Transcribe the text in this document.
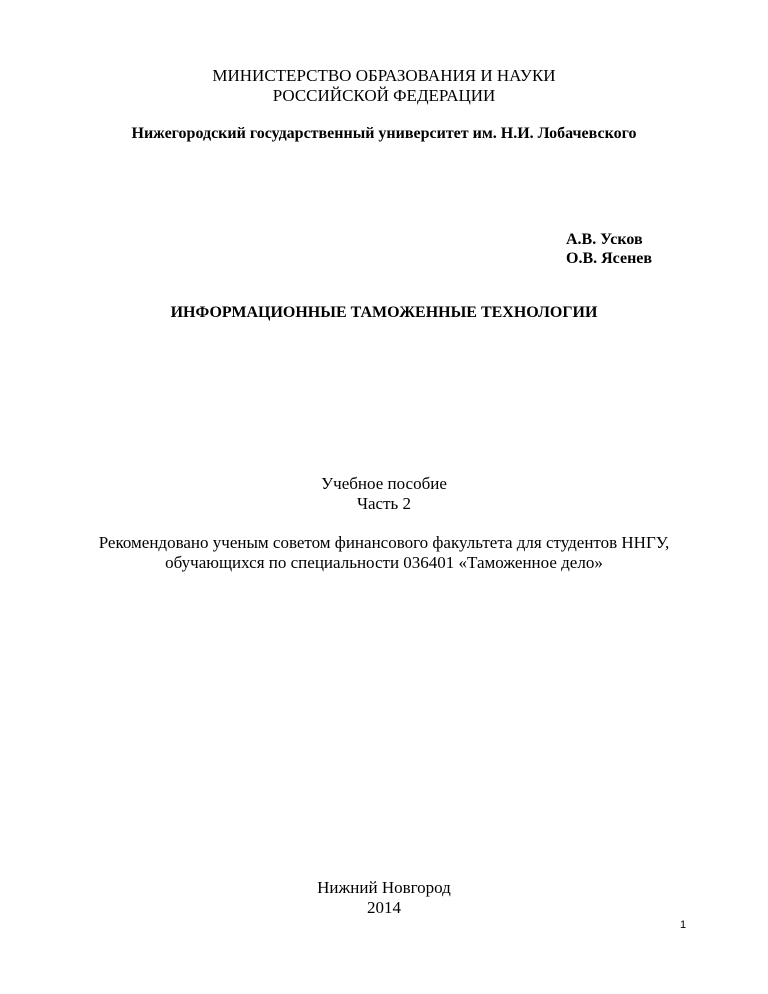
МИНИСТЕРСТВО ОБРАЗОВАНИЯ И НАУКИ
РОССИЙСКОЙ ФЕДЕРАЦИИ
Нижегородский государственный университет им. Н.И. Лобачевского
А.В. Усков
О.В. Ясенев
ИНФОРМАЦИОННЫЕ ТАМОЖЕННЫЕ ТЕХНОЛОГИИ
Учебное пособие
Часть 2
Рекомендовано ученым советом финансового факультета для студентов ННГУ,
обучающихся по специальности 036401 «Таможенное дело»
Нижний Новгород
2014
1
